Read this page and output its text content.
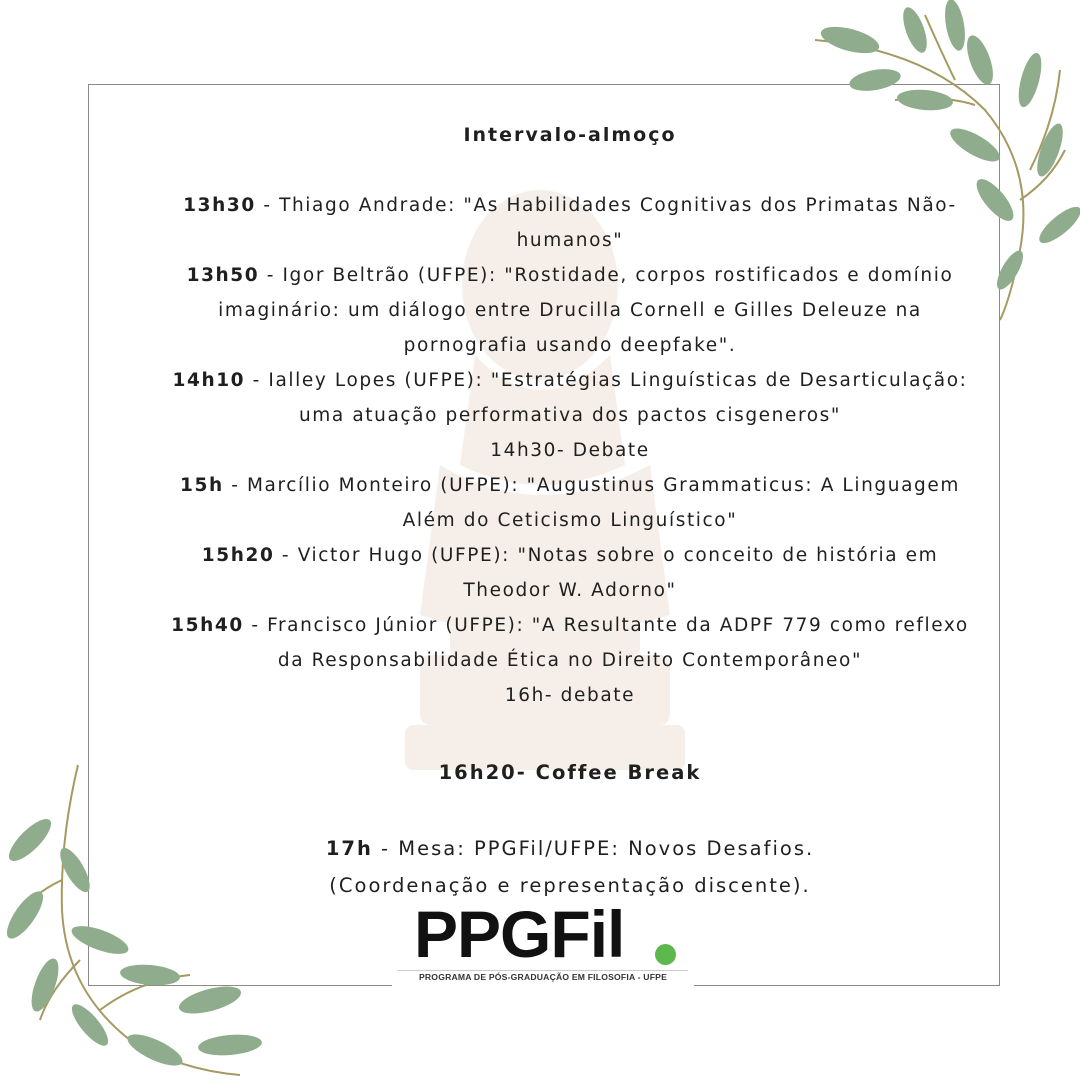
Intervalo-almoço
13h30 - Thiago Andrade: "As Habilidades Cognitivas dos Primatas Não-
humanos"
13h50 - Igor Beltrão (UFPE): "Rostidade, corpos rostificados e domínio
imaginário: um diálogo entre Drucilla Cornell e Gilles Deleuze na
pornografia usando deepfake".
14h10 - Ialley Lopes (UFPE): "Estratégias Linguísticas de Desarticulação:
uma atuação performativa dos pactos cisgeneros"
14h30- Debate
15h - Marcílio Monteiro (UFPE): "Augustinus Grammaticus: A Linguagem
Além do Ceticismo Linguístico"
15h20 - Victor Hugo (UFPE): "Notas sobre o conceito de história em
Theodor W. Adorno"
15h40 - Francisco Júnior (UFPE): "A Resultante da ADPF 779 como reflexo
da Responsabilidade Ética no Direito Contemporâneo"
16h- debate
16h20- Coffee Break
17h - Mesa: PPGFil/UFPE: Novos Desafios.
(Coordenação e representação discente).
PPGFil
PROGRAMA DE PÓS-GRADUAÇÃO EM FILOSOFIA - UFPE
